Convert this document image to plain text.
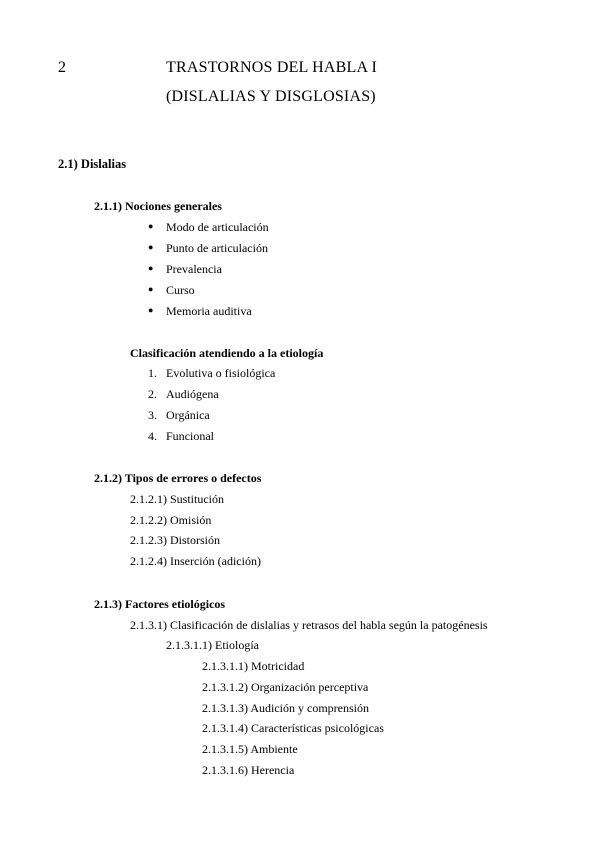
2	TRASTORNOS DEL HABLA I
(DISLALIAS Y DISGLOSIAS)
2.1) Dislalias
2.1.1) Nociones generales
● Modo de articulación
● Punto de articulación
● Prevalencia
● Curso
● Memoria auditiva
Clasificación atendiendo a la etiología
1. Evolutiva o fisiológica
2. Audiógena
3. Orgánica
4. Funcional
2.1.2) Tipos de errores o defectos
2.1.2.1) Sustitución
2.1.2.2) Omisión
2.1.2.3) Distorsión
2.1.2.4) Inserción (adición)
2.1.3) Factores etiológicos
2.1.3.1) Clasificación de dislalias y retrasos del habla según la patogénesis
2.1.3.1.1) Etiología
2.1.3.1.1) Motricidad
2.1.3.1.2) Organización perceptiva
2.1.3.1.3) Audición y comprensión
2.1.3.1.4) Características psicológicas
2.1.3.1.5) Ambiente
2.1.3.1.6) Herencia
